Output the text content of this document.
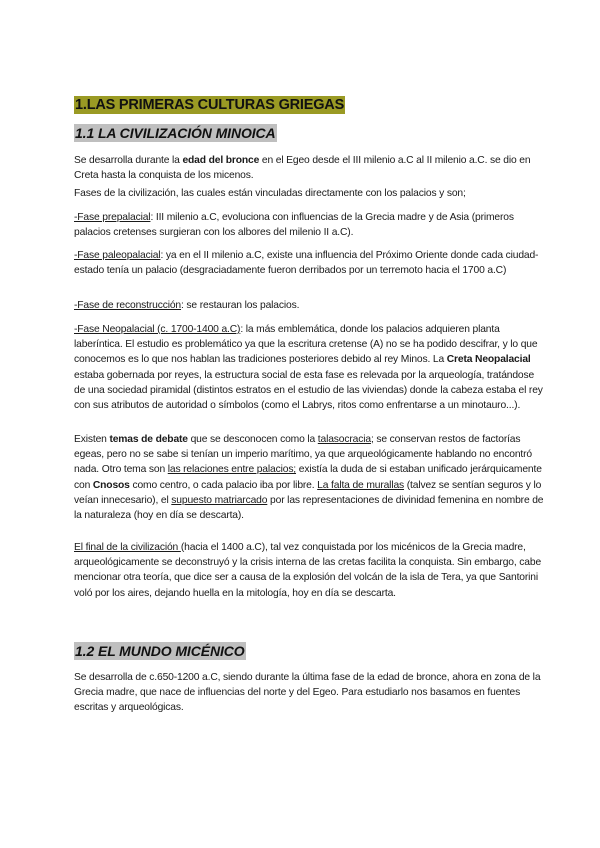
1.LAS PRIMERAS CULTURAS GRIEGAS
1.1 LA CIVILIZACIÓN MINOICA

Se desarrolla durante la edad del bronce en el Egeo desde el III milenio a.C al II milenio a.C. se dio en Creta hasta la conquista de los micenos.

Fases de la civilización, las cuales están vinculadas directamente con los palacios y son;

-Fase prepalacial: III milenio a.C, evoluciona con influencias de la Grecia madre y de Asia (primeros palacios cretenses surgieran con los albores del milenio II a.C).

-Fase paleopalacial: ya en el II milenio a.C, existe una influencia del Próximo Oriente donde cada ciudad-estado tenía un palacio (desgraciadamente fueron derribados por un terremoto hacia el 1700 a.C)

-Fase de reconstrucción: se restauran los palacios.

-Fase Neopalacial (c. 1700-1400 a.C): la más emblemática, donde los palacios adquieren planta laberíntica. El estudio es problemático ya que la escritura cretense (A) no se ha podido descifrar, y lo que conocemos es lo que nos hablan las tradiciones posteriores debido al rey Minos. La Creta Neopalacial estaba gobernada por reyes, la estructura social de esta fase es relevada por la arqueología, tratándose de una sociedad piramidal (distintos estratos en el estudio de las viviendas) donde la cabeza estaba el rey con sus atributos de autoridad o símbolos (como el Labrys, ritos como enfrentarse a un minotauro...).

Existen temas de debate que se desconocen como la talasocracia; se conservan restos de factorías egeas, pero no se sabe si tenían un imperio marítimo, ya que arqueológicamente hablando no encontró nada. Otro tema son las relaciones entre palacios; existía la duda de si estaban unificado jerárquicamente con Cnosos como centro, o cada palacio iba por libre. La falta de murallas (talvez se sentían seguros y lo veían innecesario), el supuesto matriarcado por las representaciones de divinidad femenina en nombre de la naturaleza (hoy en día se descarta).

El final de la civilización (hacia el 1400 a.C), tal vez conquistada por los micénicos de la Grecia madre, arqueológicamente se deconstruyó y la crisis interna de las cretas facilita la conquista. Sin embargo, cabe mencionar otra teoría, que dice ser a causa de la explosión del volcán de la isla de Tera, ya que Santorini voló por los aires, dejando huella en la mitología, hoy en día se descarta.

1.2 EL MUNDO MICÉNICO

Se desarrolla de c.650-1200 a.C, siendo durante la última fase de la edad de bronce, ahora en zona de la Grecia madre, que nace de influencias del norte y del Egeo. Para estudiarlo nos basamos en fuentes escritas y arqueológicas.
